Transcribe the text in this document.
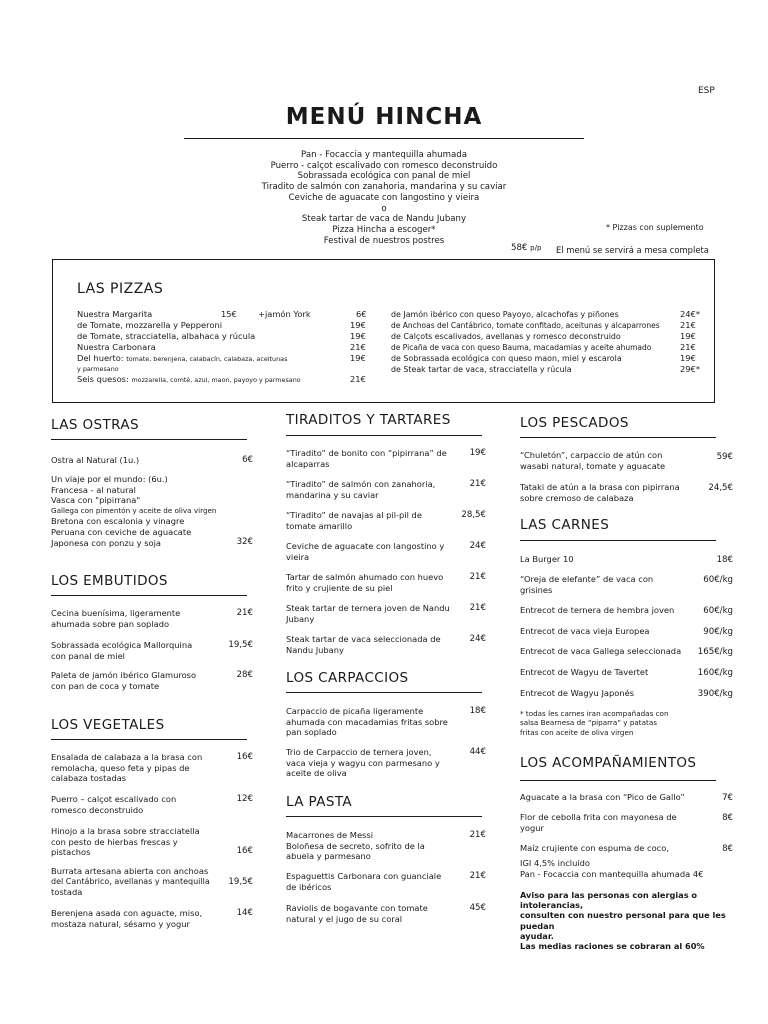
ESP
MENÚ HINCHA
Pan - Focaccia y mantequilla ahumada
Puerro - calçot escalivado con romesco deconstruido
Sobrassada ecológica con panal de miel
Tiradito de salmón con zanahoria, mandarina y su caviar
Ceviche de aguacate con langostino y vieira
o
Steak tartar de vaca de Nandu Jubany
Pizza Hincha a escoger*
Festival de nuestros postres
58€ p/p
* Pizzas con suplemento
El menú se servirá a mesa completa
LAS PIZZAS
Nuestra Margarita	15€	+jamón York	6€
de Tomate, mozzarella y Pepperoni	19€
de Tomate, stracciatella, albahaca y rúcula	19€
Nuestra Carbonara	21€
Del huerto: tomate, berenjena, calabacín, calabaza, aceitunas	19€
y parmesano
Seis quesos: mozzarella, comté, azul, maon, payoyo y parmesano	21€
de Jamón ibérico con queso Payoyo, alcachofas y piñones	24€*
de Anchoas del Cantábrico, tomate confitado, aceitunas y alcaparrones 21€
de Calçots escalivados, avellanas y romesco deconstruido	19€
de Picaña de vaca con queso Bauma, macadamias y aceite ahumado	21€
de Sobrassada ecológica con queso maon, miel y escarola	19€
de Steak tartar de vaca, stracciatella y rúcula	29€*
LAS OSTRAS
Ostra al Natural (1u.)	6€
Un viaje por el mundo: (6u.)
Francesa - al natural
Vasca con "pipirrana"
Gallega con pimentón y aceite de oliva virgen
Bretona con escalonia y vinagre
Peruana con ceviche de aguacate
Japonesa con ponzu y soja	32€
LOS EMBUTIDOS
Cecina buenísima, ligeramente
ahumada sobre pan soplado
21€
Sobrassada ecológica Mallorquina
con panal de miel
19,5€
Paleta de jamón ibérico Glamuroso
con pan de coca y tomate
28€
LOS VEGETALES
Ensalada de calabaza a la brasa con
remolacha, queso feta y pipas de
calabaza tostadas
16€
Puerro – calçot escalivado con
romesco deconstruido
12€
Hinojo a la brasa sobre stracciatella
con pesto de hierbas frescas y
pistachos	16€
Burrata artesana abierta con anchoas
del Cantábrico, avellanas y mantequilla
tostada
19,5€
Berenjena asada con aguacte, miso,
mostaza natural, sésamo y yogur
14€
TIRADITOS Y TARTARES
“Tiradito” de bonito con “pipirrana” de
alcaparras
19€
“Tiradito” de salmón con zanahoria,
mandarina y su caviar
21€
“Tiradito” de navajas al pil-pil de
tomate amarillo
28,5€
Ceviche de aguacate con langostino y
vieira
24€
Tartar de salmón ahumado con huevo
frito y crujiente de su piel
21€
Steak tartar de ternera joven de Nandu
Jubany
21€
Steak tartar de vaca seleccionada de
Nandu Jubany
24€
LOS CARPACCIOS
Carpaccio de picaña ligeramente
ahumada con macadamias fritas sobre
pan soplado
18€
Trio de Carpaccio de ternera joven,
vaca vieja y wagyu con parmesano y
aceite de oliva
44€
LA PASTA
Macarrones de Messi
Boloñesa de secreto, sofrito de la
abuela y parmesano
21€
Espaguettis Carbonara con guanciale
de ibéricos
21€
Raviolis de bogavante con tomate
natural y el jugo de su coral
45€
LOS PESCADOS
“Chuletón”, carpaccio de atún con
wasabi natural, tomate y aguacate
59€
Tataki de atún a la brasa con pipirrana
sobre cremoso de calabaza
24,5€
LAS CARNES
La Burger 10	18€
“Oreja de elefante” de vaca con
grisines
60€/kg
Entrecot de ternera de hembra joven	60€/kg
Entrecot de vaca vieja Europea	90€/kg
Entrecot de vaca Gallega seleccionada	165€/kg
Entrecot de Wagyu de Tavertet	160€/kg
Entrecot de Wagyu Japonés	390€/kg
* todas les carnes iran acompañadas con
salsa Bearnesa de “piparra” y patatas
fritas con aceite de oliva virgen
LOS ACOMPAÑAMIENTOS
Aguacate a la brasa con “Pico de Gallo”	7€
Flor de cebolla frita con mayonesa de
yogur
8€
Maíz crujiente con espuma de coco,	8€
IGI 4,5% incluido
Pan - Focaccia con mantequilla ahumada 4€
Aviso para las personas con alergias o intolerancias,
consulten con nuestro personal para que les puedan
ayudar.
Las medias raciones se cobraran al 60%
